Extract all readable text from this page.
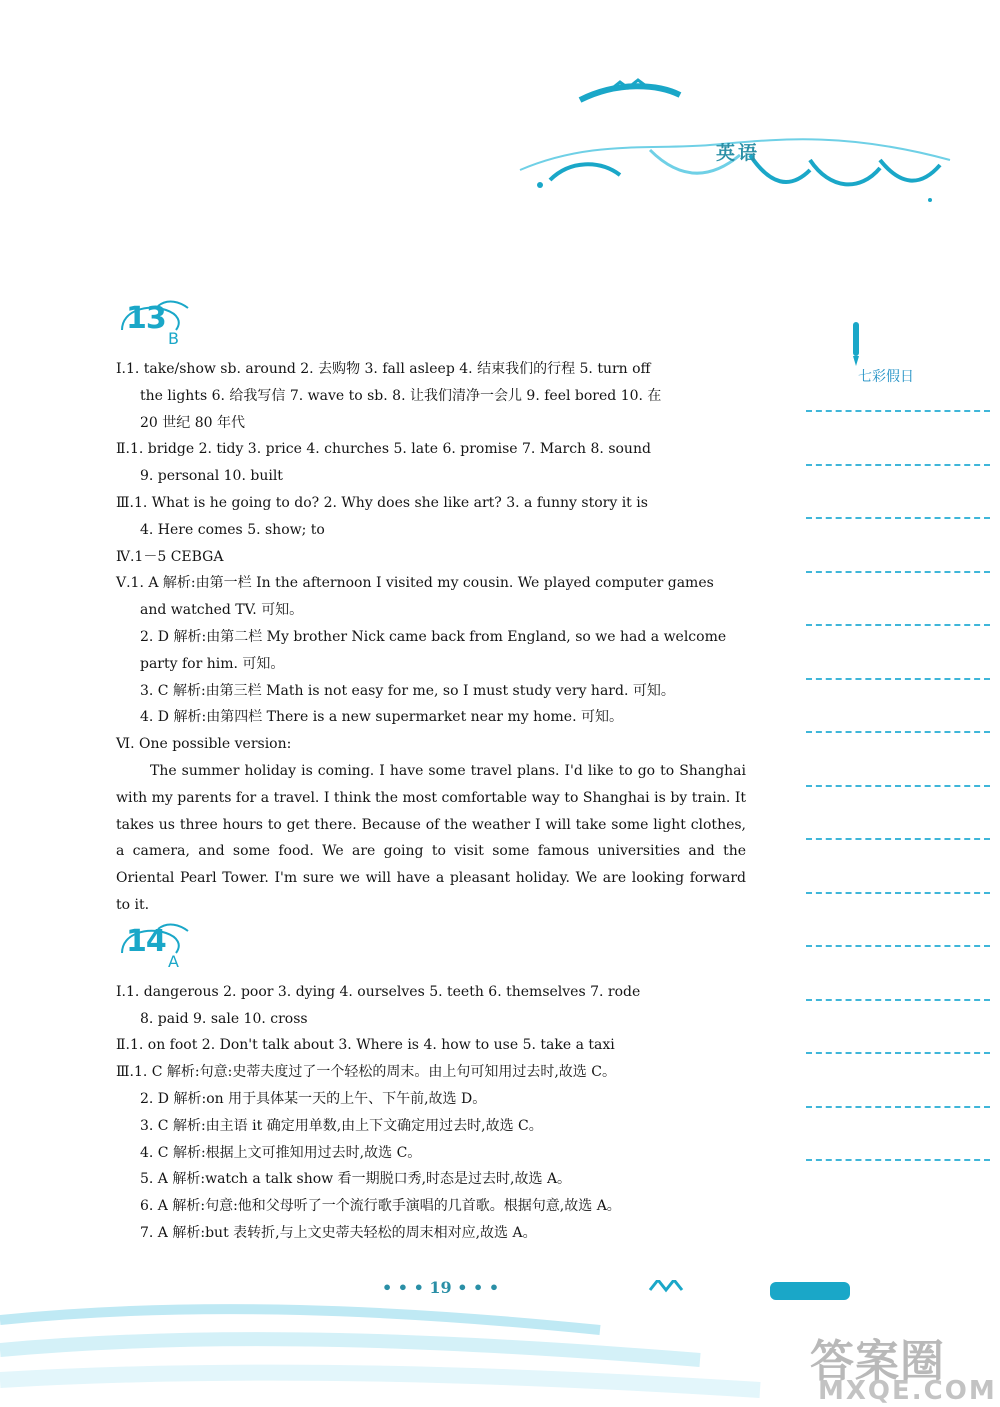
英语
七彩假日
13
B
Ⅰ.1. take/show sb. around 2. 去购物 3. fall asleep 4. 结束我们的行程 5. turn off
the lights 6. 给我写信 7. wave to sb. 8. 让我们清净一会儿 9. feel bored 10. 在
20 世纪 80 年代
Ⅱ.1. bridge 2. tidy 3. price 4. churches 5. late 6. promise 7. March 8. sound
9. personal 10. built
Ⅲ.1. What is he going to do? 2. Why does she like art? 3. a funny story it is
4. Here comes 5. show; to
Ⅳ.1－5 CEBGA
Ⅴ.1. A 解析:由第一栏 In the afternoon I visited my cousin. We played computer games
and watched TV. 可知。
2. D 解析:由第二栏 My brother Nick came back from England, so we had a welcome
party for him. 可知。
3. C 解析:由第三栏 Math is not easy for me, so I must study very hard. 可知。
4. D 解析:由第四栏 There is a new supermarket near my home. 可知。
Ⅵ. One possible version:
The summer holiday is coming. I have some travel plans. I'd like to go to Shanghai with my parents for a travel. I think the most comfortable way to Shanghai is by train. It takes us three hours to get there. Because of the weather I will take some light clothes, a camera, and some food. We are going to visit some famous universities and the Oriental Pearl Tower. I'm sure we will have a pleasant holiday. We are looking forward to it.
14
A
Ⅰ.1. dangerous 2. poor 3. dying 4. ourselves 5. teeth 6. themselves 7. rode
8. paid 9. sale 10. cross
Ⅱ.1. on foot 2. Don't talk about 3. Where is 4. how to use 5. take a taxi
Ⅲ.1. C 解析:句意:史蒂夫度过了一个轻松的周末。由上句可知用过去时,故选 C。
2. D 解析:on 用于具体某一天的上午、下午前,故选 D。
3. C 解析:由主语 it 确定用单数,由上下文确定用过去时,故选 C。
4. C 解析:根据上文可推知用过去时,故选 C。
5. A 解析:watch a talk show 看一期脱口秀,时态是过去时,故选 A。
6. A 解析:句意:他和父母听了一个流行歌手演唱的几首歌。根据句意,故选 A。
7. A 解析:but 表转折,与上文史蒂夫轻松的周末相对应,故选 A。
• • • 19 • • •
答案圈
MXQE.COM
